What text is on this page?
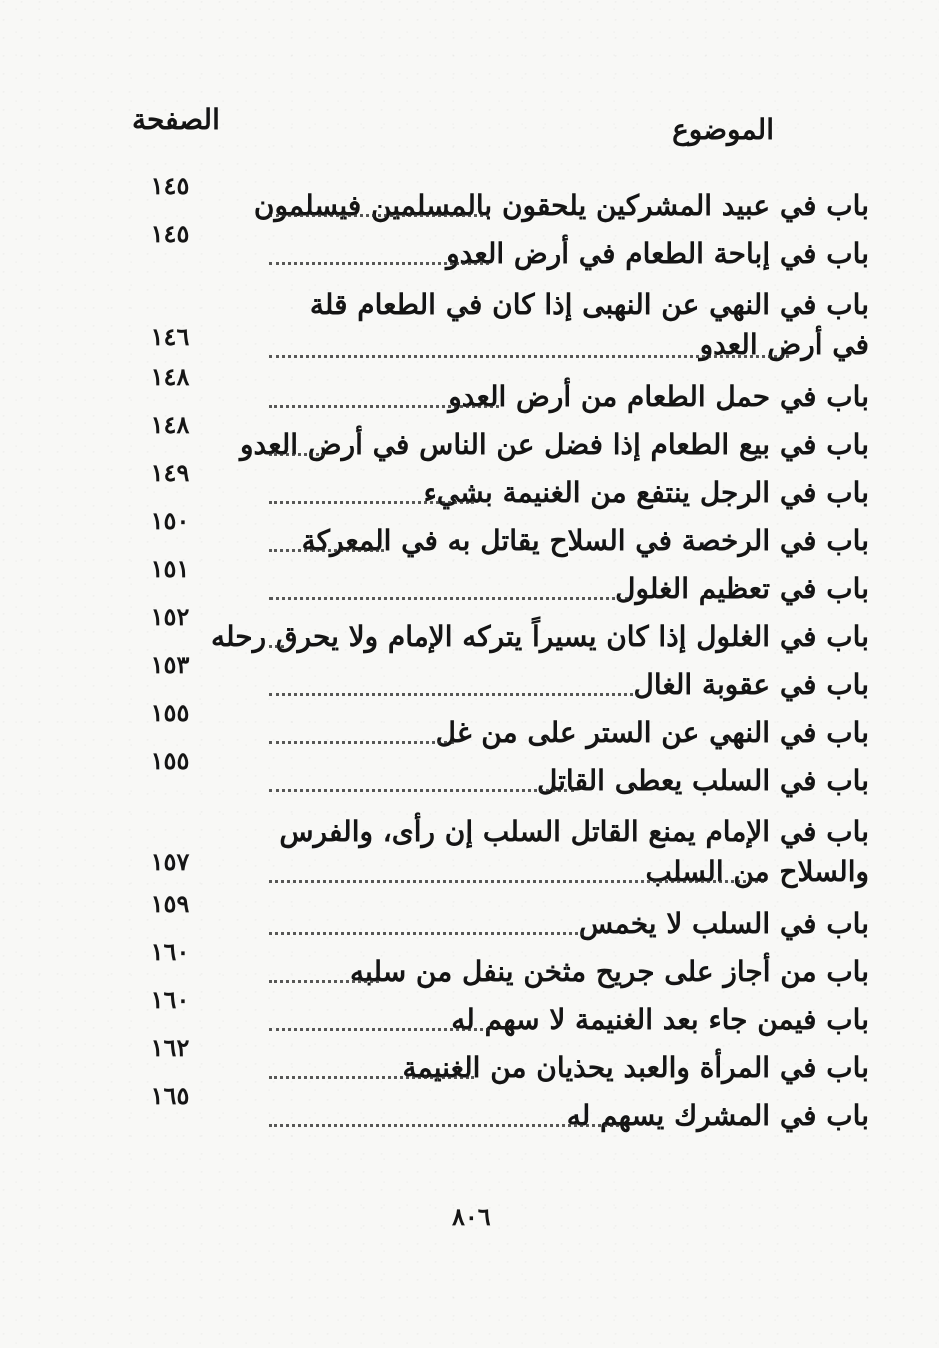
الموضوع
الصفحة
باب في عبيد المشركين يلحقون بالمسلمين فيسلمون
١٤٥
باب في إباحة الطعام في أرض العدو
١٤٥
باب في النهي عن النهبى إذا كان في الطعام قلة في أرض العدو
١٤٦
باب في حمل الطعام من أرض العدو
١٤٨
باب في بيع الطعام إذا فضل عن الناس في أرض العدو
١٤٨
باب في الرجل ينتفع من الغنيمة بشيء
١٤٩
باب في الرخصة في السلاح يقاتل به في المعركة
١٥٠
باب في تعظيم الغلول
١٥١
باب في الغلول إذا كان يسيراً يتركه الإمام ولا يحرق رحله
١٥٢
باب في عقوبة الغال
١٥٣
باب في النهي عن الستر على من غل
١٥٥
باب في السلب يعطى القاتل
١٥٥
باب في الإمام يمنع القاتل السلب إن رأى، والفرس والسلاح من السلب
١٥٧
باب في السلب لا يخمس
١٥٩
باب من أجاز على جريح مثخن ينفل من سلبه
١٦٠
باب فيمن جاء بعد الغنيمة لا سهم له
١٦٠
باب في المرأة والعبد يحذيان من الغنيمة
١٦٢
باب في المشرك يسهم له
١٦٥
٨٠٦
